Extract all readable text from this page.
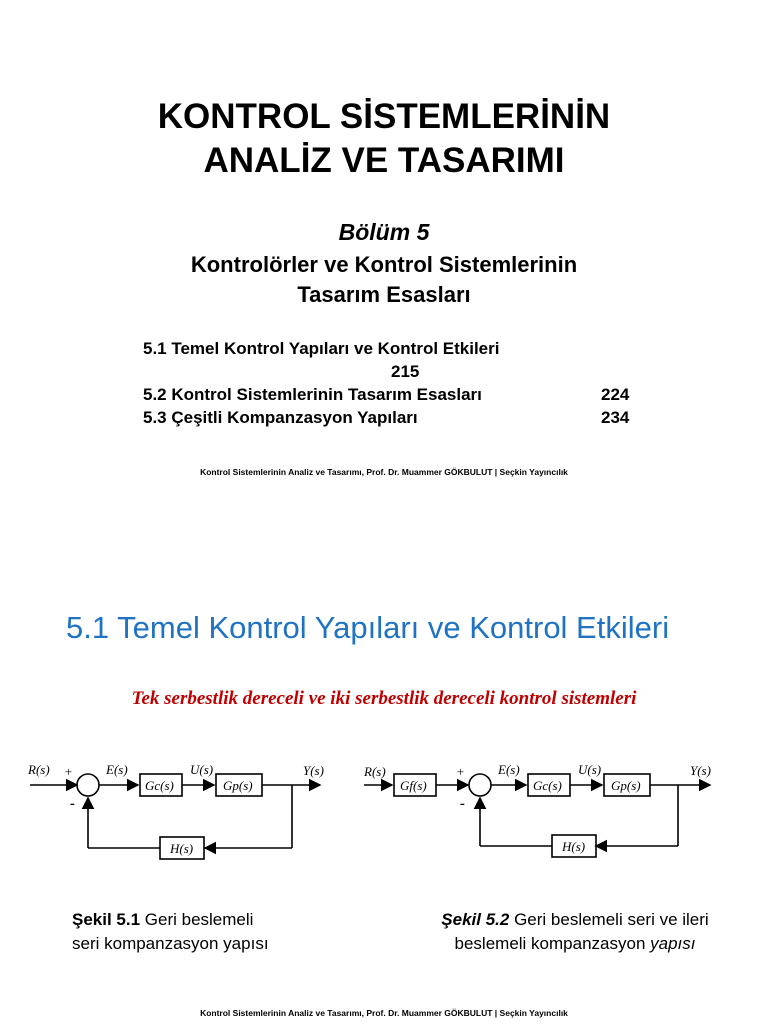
KONTROL SİSTEMLERİNİN
ANALİZ VE TASARIMI
Bölüm 5
Kontrolörler ve Kontrol Sistemlerinin
Tasarım Esasları
5.1 Temel Kontrol Yapıları ve Kontrol Etkileri
215
5.2 Kontrol Sistemlerinin Tasarım Esasları	224
5.3 Çeşitli Kompanzasyon Yapıları	234
Kontrol Sistemlerinin Analiz ve Tasarımı, Prof. Dr. Muammer GÖKBULUT | Seçkin Yayıncılık
5.1 Temel Kontrol Yapıları ve Kontrol Etkileri
Tek serbestlik dereceli ve iki serbestlik dereceli kontrol sistemleri
R(s) +
-
E(s)	U(s)	Y(s)
Gc(s)	Gp(s)
H(s)
R(s)	+
-
E(s)	U(s)	Y(s)
Gf(s)	Gc(s)	Gp(s)
H(s)
Şekil 5.1 Geri beslemeli
seri kompanzasyon yapısı
Şekil 5.2 Geri beslemeli seri ve ileri
beslemeli kompanzasyon yapısı
Kontrol Sistemlerinin Analiz ve Tasarımı, Prof. Dr. Muammer GÖKBULUT | Seçkin Yayıncılık
